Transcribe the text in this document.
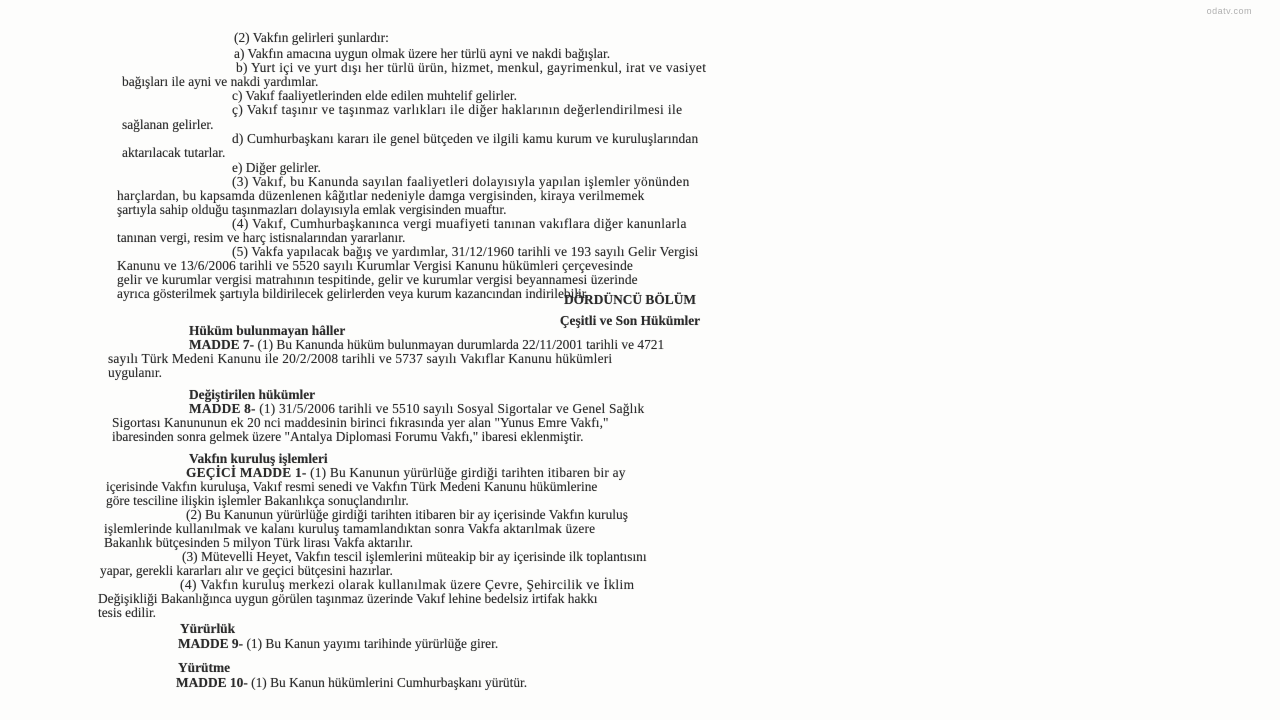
odatv.com
(2) Vakfın gelirleri şunlardır:
a) Vakfın amacına uygun olmak üzere her türlü ayni ve nakdi bağışlar.
b) Yurt içi ve yurt dışı her türlü ürün, hizmet, menkul, gayrimenkul, irat ve vasiyet
bağışları ile ayni ve nakdi yardımlar.
c) Vakıf faaliyetlerinden elde edilen muhtelif gelirler.
ç) Vakıf taşınır ve taşınmaz varlıkları ile diğer haklarının değerlendirilmesi ile
sağlanan gelirler.
d) Cumhurbaşkanı kararı ile genel bütçeden ve ilgili kamu kurum ve kuruluşlarından
aktarılacak tutarlar.
e) Diğer gelirler.
(3) Vakıf, bu Kanunda sayılan faaliyetleri dolayısıyla yapılan işlemler yönünden
harçlardan, bu kapsamda düzenlenen kâğıtlar nedeniyle damga vergisinden, kiraya verilmemek
şartıyla sahip olduğu taşınmazları dolayısıyla emlak vergisinden muaftır.
(4) Vakıf, Cumhurbaşkanınca vergi muafiyeti tanınan vakıflara diğer kanunlarla
tanınan vergi, resim ve harç istisnalarından yararlanır.
(5) Vakfa yapılacak bağış ve yardımlar, 31/12/1960 tarihli ve 193 sayılı Gelir Vergisi
Kanunu ve 13/6/2006 tarihli ve 5520 sayılı Kurumlar Vergisi Kanunu hükümleri çerçevesinde
gelir ve kurumlar vergisi matrahının tespitinde, gelir ve kurumlar vergisi beyannamesi üzerinde
ayrıca gösterilmek şartıyla bildirilecek gelirlerden veya kurum kazancından indirilebilir.
DÖRDÜNCÜ BÖLÜM
Çeşitli ve Son Hükümler
Hüküm bulunmayan hâller
MADDE 7- (1) Bu Kanunda hüküm bulunmayan durumlarda 22/11/2001 tarihli ve 4721
sayılı Türk Medeni Kanunu ile 20/2/2008 tarihli ve 5737 sayılı Vakıflar Kanunu hükümleri
uygulanır.
Değiştirilen hükümler
MADDE 8- (1) 31/5/2006 tarihli ve 5510 sayılı Sosyal Sigortalar ve Genel Sağlık
Sigortası Kanununun ek 20 nci maddesinin birinci fıkrasında yer alan "Yunus Emre Vakfı,"
ibaresinden sonra gelmek üzere "Antalya Diplomasi Forumu Vakfı," ibaresi eklenmiştir.
Vakfın kuruluş işlemleri
GEÇİCİ MADDE 1- (1) Bu Kanunun yürürlüğe girdiği tarihten itibaren bir ay
içerisinde Vakfın kuruluşa, Vakıf resmi senedi ve Vakfın Türk Medeni Kanunu hükümlerine
göre tesciline ilişkin işlemler Bakanlıkça sonuçlandırılır.
(2) Bu Kanunun yürürlüğe girdiği tarihten itibaren bir ay içerisinde Vakfın kuruluş
işlemlerinde kullanılmak ve kalanı kuruluş tamamlandıktan sonra Vakfa aktarılmak üzere
Bakanlık bütçesinden 5 milyon Türk lirası Vakfa aktarılır.
(3) Mütevelli Heyet, Vakfın tescil işlemlerini müteakip bir ay içerisinde ilk toplantısını
yapar, gerekli kararları alır ve geçici bütçesini hazırlar.
(4) Vakfın kuruluş merkezi olarak kullanılmak üzere Çevre, Şehircilik ve İklim
Değişikliği Bakanlığınca uygun görülen taşınmaz üzerinde Vakıf lehine bedelsiz irtifak hakkı
tesis edilir.
Yürürlük
MADDE 9- (1) Bu Kanun yayımı tarihinde yürürlüğe girer.
Yürütme
MADDE 10- (1) Bu Kanun hükümlerini Cumhurbaşkanı yürütür.
